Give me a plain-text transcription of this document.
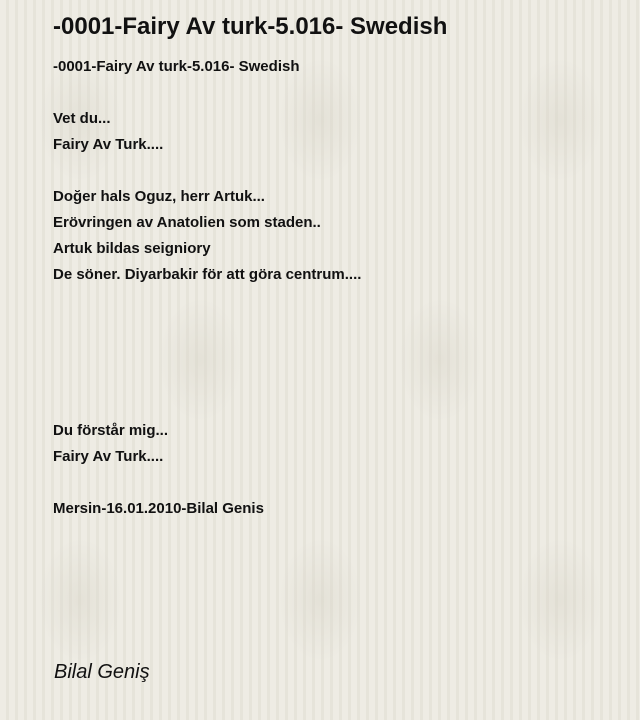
-0001-Fairy Av turk-5.016- Swedish
-0001-Fairy Av turk-5.016- Swedish
Vet du...
Fairy Av Turk....
Doğer hals Oguz, herr Artuk...
Erövringen av Anatolien som staden..
Artuk bildas seigniory
De söner. Diyarbakir för att göra centrum....
Du förstår mig...
Fairy Av Turk....
Mersin-16.01.2010-Bilal Genis
Bilal Geniş
